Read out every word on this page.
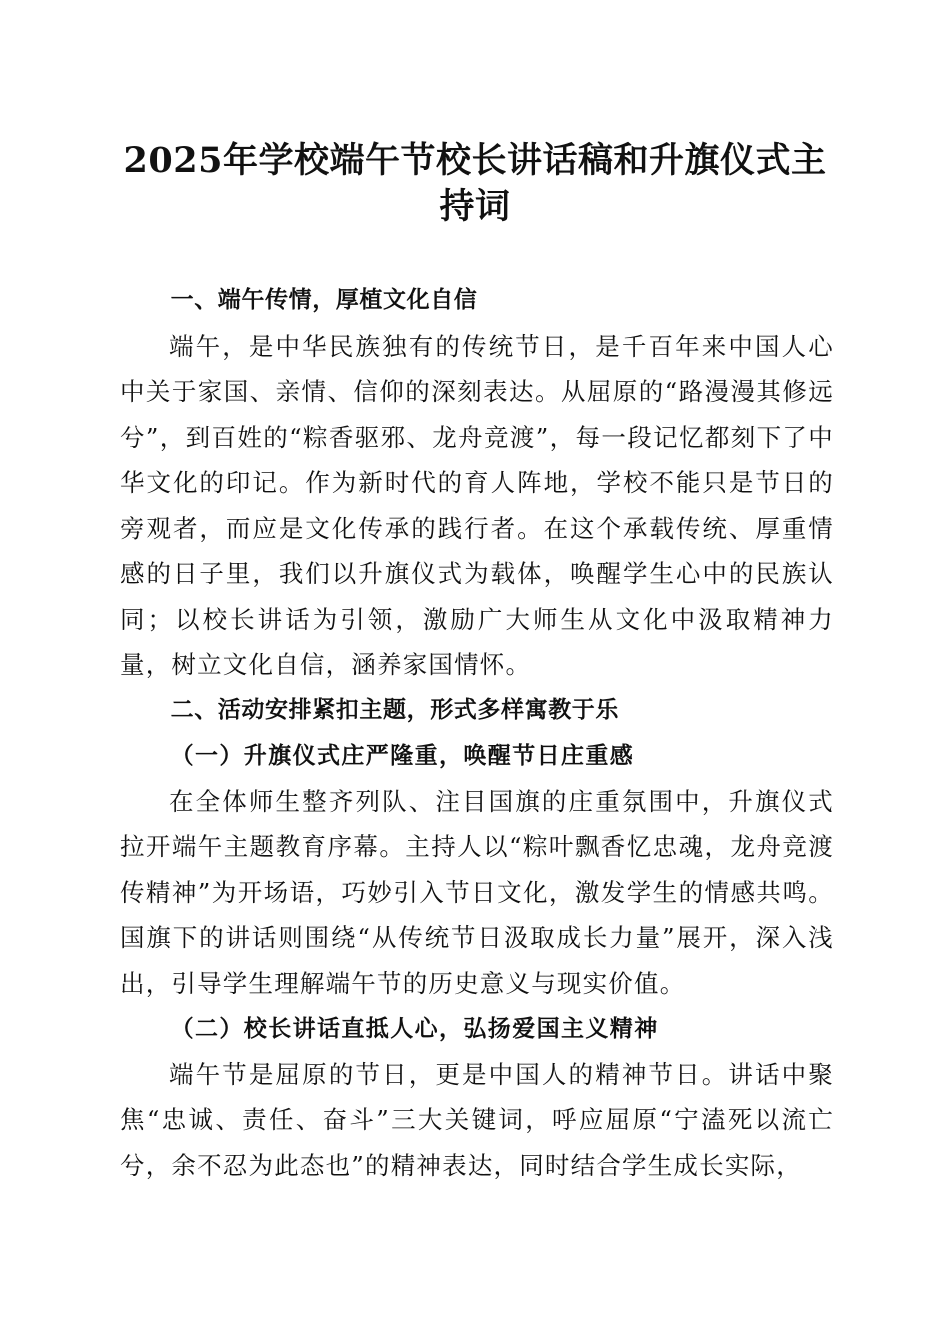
2025年学校端午节校长讲话稿和升旗仪式主持词

一、端午传情，厚植文化自信

端午，是中华民族独有的传统节日，是千百年来中国人心中关于家国、亲情、信仰的深刻表达。从屈原的“路漫漫其修远兮”，到百姓的“粽香驱邪、龙舟竞渡”，每一段记忆都刻下了中华文化的印记。作为新时代的育人阵地，学校不能只是节日的旁观者，而应是文化传承的践行者。在这个承载传统、厚重情感的日子里，我们以升旗仪式为载体，唤醒学生心中的民族认同；以校长讲话为引领，激励广大师生从文化中汲取精神力量，树立文化自信，涵养家国情怀。

二、活动安排紧扣主题，形式多样寓教于乐

（一）升旗仪式庄严隆重，唤醒节日庄重感

在全体师生整齐列队、注目国旗的庄重氛围中，升旗仪式拉开端午主题教育序幕。主持人以“粽叶飘香忆忠魂，龙舟竞渡传精神”为开场语，巧妙引入节日文化，激发学生的情感共鸣。国旗下的讲话则围绕“从传统节日汲取成长力量”展开，深入浅出，引导学生理解端午节的历史意义与现实价值。

（二）校长讲话直抵人心，弘扬爱国主义精神

端午节是屈原的节日，更是中国人的精神节日。讲话中聚焦“忠诚、责任、奋斗”三大关键词，呼应屈原“宁溘死以流亡兮，余不忍为此态也”的精神表达，同时结合学生成长实际，
